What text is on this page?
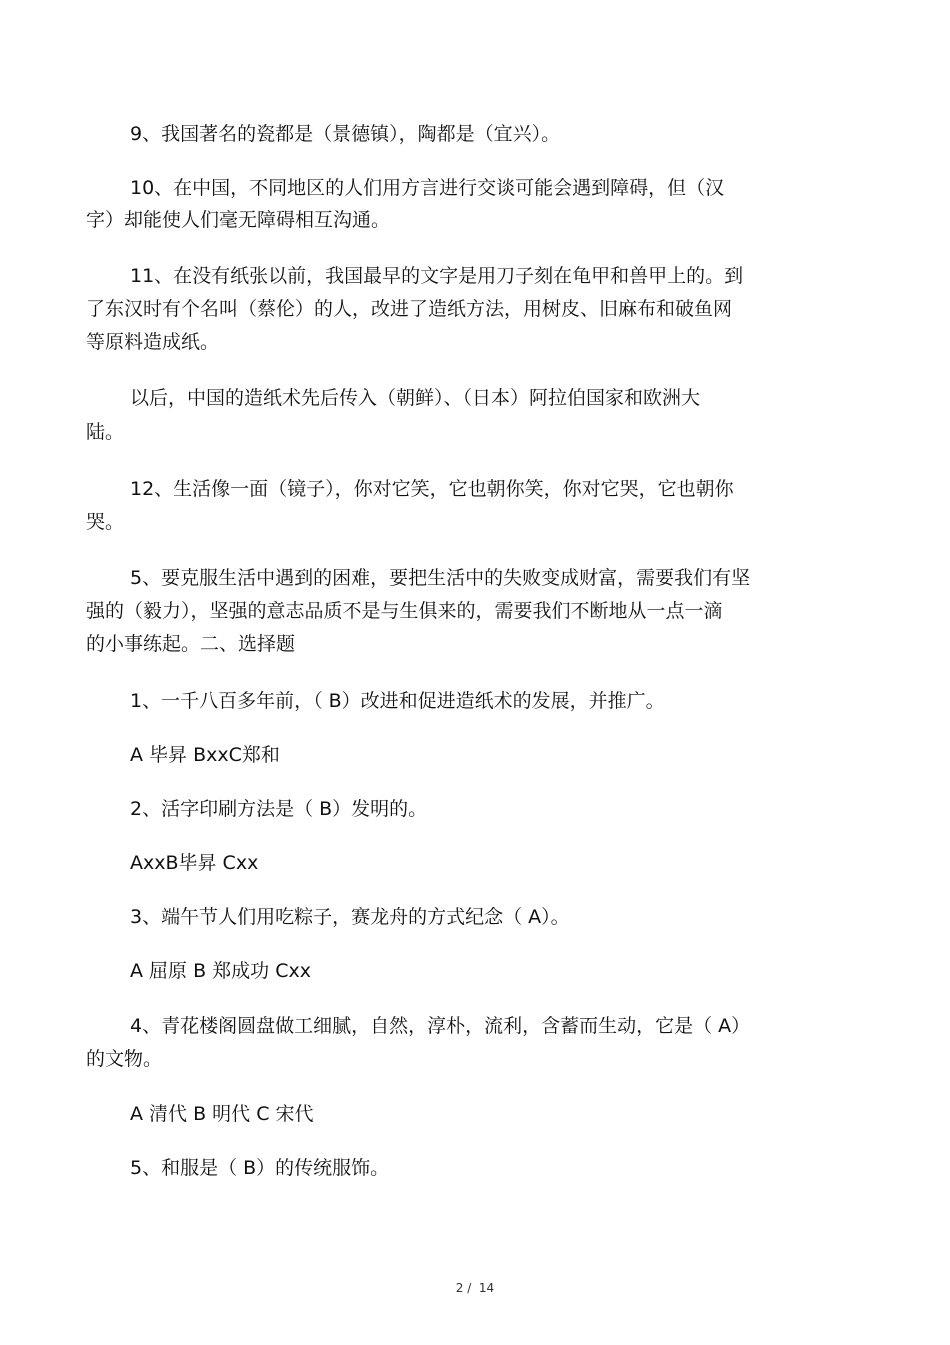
9、我国著名的瓷都是（景德镇），陶都是（宜兴）。
10、在中国，不同地区的人们用方言进行交谈可能会遇到障碍，但（汉
字）却能使人们毫无障碍相互沟通。
11、在没有纸张以前，我国最早的文字是用刀子刻在龟甲和兽甲上的。到
了东汉时有个名叫（蔡伦）的人，改进了造纸方法，用树皮、旧麻布和破鱼网
等原料造成纸。
以后，中国的造纸术先后传入（朝鲜）、（日本）阿拉伯国家和欧洲大
陆。
12、生活像一面（镜子），你对它笑，它也朝你笑，你对它哭，它也朝你
哭。
5、要克服生活中遇到的困难，要把生活中的失败变成财富，需要我们有坚
强的（毅力），坚强的意志品质不是与生俱来的，需要我们不断地从一点一滴
的小事练起。二、选择题
1、一千八百多年前，（ B）改进和促进造纸术的发展，并推广。
A 毕昇 BxxC郑和
2、活字印刷方法是（ B）发明的。
AxxB毕昇 Cxx
3、端午节人们用吃粽子，赛龙舟的方式纪念（ A）。
A 屈原 B 郑成功 Cxx
4、青花楼阁圆盘做工细腻，自然，淳朴，流利，含蓄而生动，它是（ A）
的文物。
A 清代 B 明代 C 宋代
5、和服是（ B）的传统服饰。
2 /  14
